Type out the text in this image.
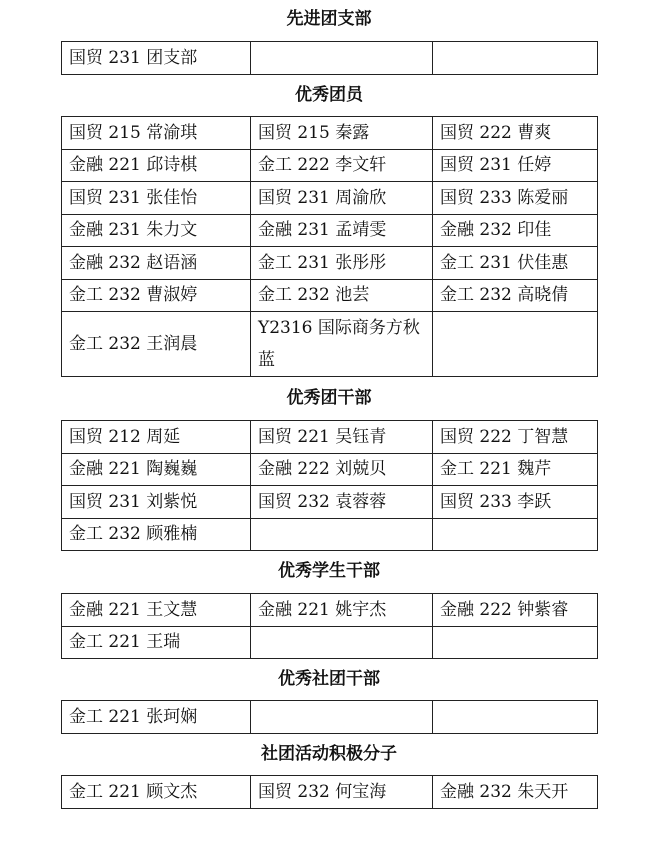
先进团支部
国贸 231 团支部		
优秀团员
国贸 215 常渝琪	国贸 215 秦露	国贸 222 曹爽
金融 221 邱诗棋	金工 222 李文轩	国贸 231 任婷
国贸 231 张佳怡	国贸 231 周渝欣	国贸 233 陈爱丽
金融 231 朱力文	金融 231 孟靖雯	金融 232 印佳
金融 232 赵语涵	金工 231 张彤彤	金工 231 伏佳惠
金工 232 曹淑婷	金工 232 池芸	金工 232 高晓倩
金工 232 王润晨	Y2316 国际商务方秋蓝	
优秀团干部
国贸 212 周延	国贸 221 吴钰青	国贸 222 丁智慧
金融 221 陶巍巍	金融 222 刘兢贝	金工 221 魏芹
国贸 231 刘紫悦	国贸 232 袁蓉蓉	国贸 233 李跃
金工 232 顾雅楠		
优秀学生干部
金融 221 王文慧	金融 221 姚宇杰	金融 222 钟紫睿
金工 221 王瑞		
优秀社团干部
金工 221 张珂娴		
社团活动积极分子
金工 221 顾文杰	国贸 232 何宝海	金融 232 朱天开
